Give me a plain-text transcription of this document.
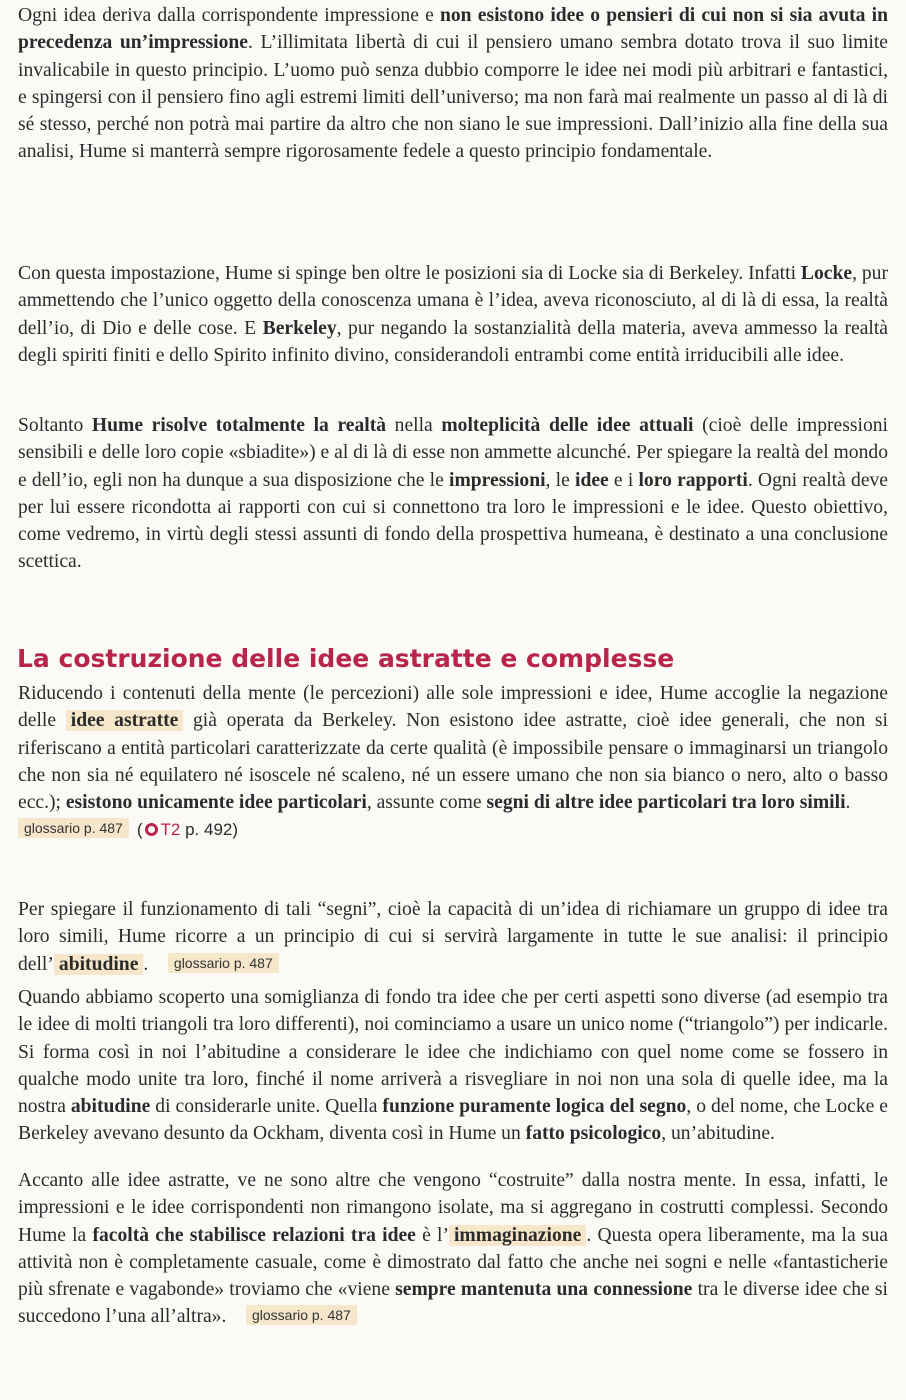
Ogni idea deriva dalla corrispondente impressione e non esistono idee o pensieri di cui non si sia avuta in precedenza un’impressione. L’illimitata libertà di cui il pensiero umano sembra dotato trova il suo limite invalicabile in questo principio. L’uomo può senza dubbio comporre le idee nei modi più arbitrari e fantastici, e spingersi con il pensiero fino agli estremi limiti dell’universo; ma non farà mai realmente un passo al di là di sé stesso, perché non potrà mai partire da altro che non siano le sue impressioni. Dall’inizio alla fine della sua analisi, Hume si manterrà sempre rigorosamente fedele a questo principio fondamentale.

Con questa impostazione, Hume si spinge ben oltre le posizioni sia di Locke sia di Berkeley. Infatti Locke, pur ammettendo che l’unico oggetto della conoscenza umana è l’idea, aveva riconosciuto, al di là di essa, la realtà dell’io, di Dio e delle cose. E Berkeley, pur negando la sostanzialità della materia, aveva ammesso la realtà degli spiriti finiti e dello Spirito infinito divino, considerandoli entrambi come entità irriducibili alle idee.

Soltanto Hume risolve totalmente la realtà nella molteplicità delle idee attuali (cioè delle impressioni sensibili e delle loro copie «sbiadite») e al di là di esse non ammette alcunché. Per spiegare la realtà del mondo e dell’io, egli non ha dunque a sua disposizione che le impressioni, le idee e i loro rapporti. Ogni realtà deve per lui essere ricondotta ai rapporti con cui si connettono tra loro le impressioni e le idee. Questo obiettivo, come vedremo, in virtù degli stessi assunti di fondo della prospettiva humeana, è destinato a una conclusione scettica.

La costruzione delle idee astratte e complesse

Riducendo i contenuti della mente (le percezioni) alle sole impressioni e idee, Hume accoglie la negazione delle idee astratte già operata da Berkeley. Non esistono idee astratte, cioè idee generali, che non si riferiscano a entità particolari caratterizzate da certe qualità (è impossibile pensare o immaginarsi un triangolo che non sia né equilatero né isoscele né scaleno, né un essere umano che non sia bianco o nero, alto o basso ecc.); esistono unicamente idee particolari, assunte come segni di altre idee particolari tra loro simili.
glossario p. 487 ( T2 p. 492)

Per spiegare il funzionamento di tali “segni”, cioè la capacità di un’idea di richiamare un gruppo di idee tra loro simili, Hume ricorre a un principio di cui si servirà largamente in tutte le sue analisi: il principio dell’ abitudine . glossario p. 487

Quando abbiamo scoperto una somiglianza di fondo tra idee che per certi aspetti sono diverse (ad esempio tra le idee di molti triangoli tra loro differenti), noi cominciamo a usare un unico nome (“triangolo”) per indicarle. Si forma così in noi l’abitudine a considerare le idee che indichiamo con quel nome come se fossero in qualche modo unite tra loro, finché il nome arriverà a risvegliare in noi non una sola di quelle idee, ma la nostra abitudine di considerarle unite. Quella funzione puramente logica del segno, o del nome, che Locke e Berkeley avevano desunto da Ockham, diventa così in Hume un fatto psicologico, un’abitudine.

Accanto alle idee astratte, ve ne sono altre che vengono “costruite” dalla nostra mente. In essa, infatti, le impressioni e le idee corrispondenti non rimangono isolate, ma si aggregano in costrutti complessi. Secondo Hume la facoltà che stabilisce relazioni tra idee è l’ immaginazione . Questa opera liberamente, ma la sua attività non è completamente casuale, come è dimostrato dal fatto che anche nei sogni e nelle «fantasticherie più sfrenate e vagabonde» troviamo che «viene sempre mantenuta una connessione tra le diverse idee che si succedono l’una all’altra». glossario p. 487
